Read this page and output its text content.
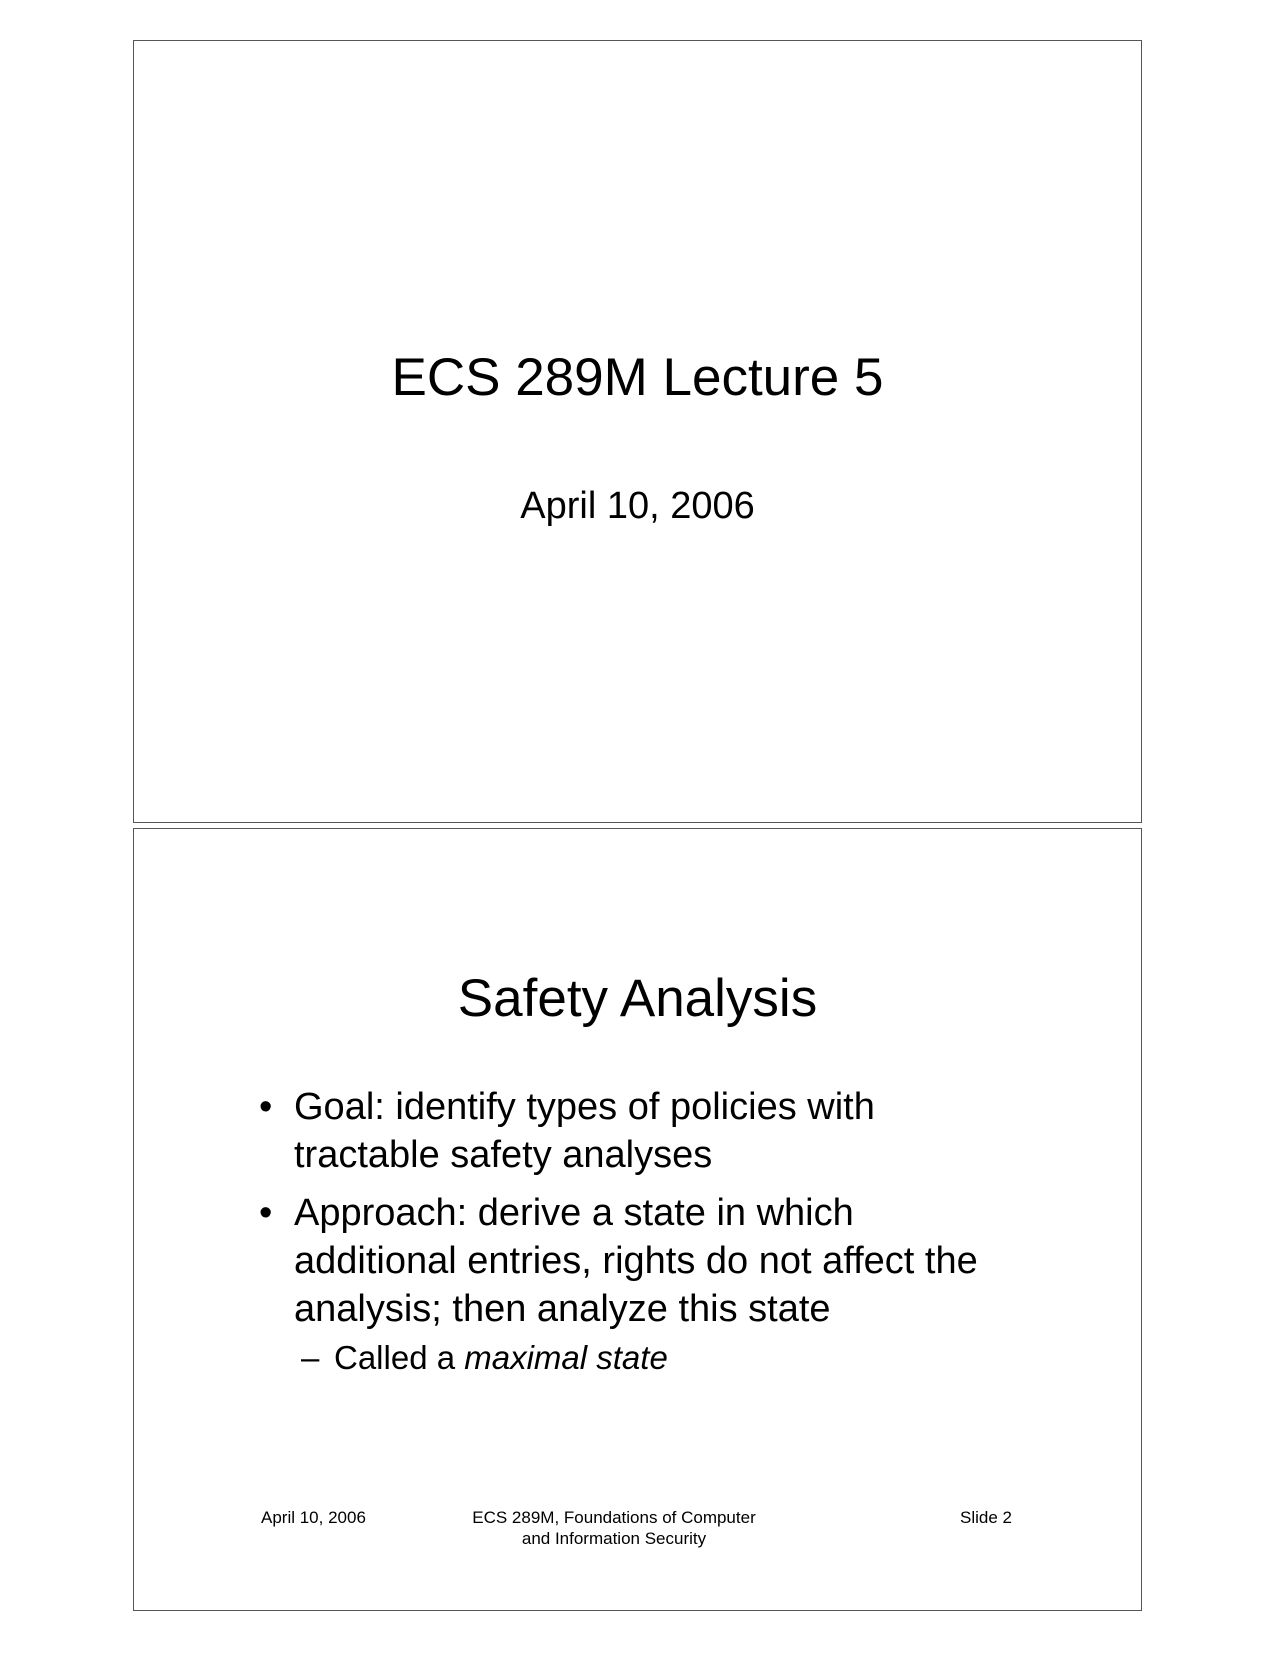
ECS 289M Lecture 5
April 10, 2006
Safety Analysis
• Goal: identify types of policies with tractable safety analyses
• Approach: derive a state in which additional entries, rights do not affect the analysis; then analyze this state
– Called a maximal state
April 10, 2006	ECS 289M, Foundations of Computer
and Information Security
Slide 2
